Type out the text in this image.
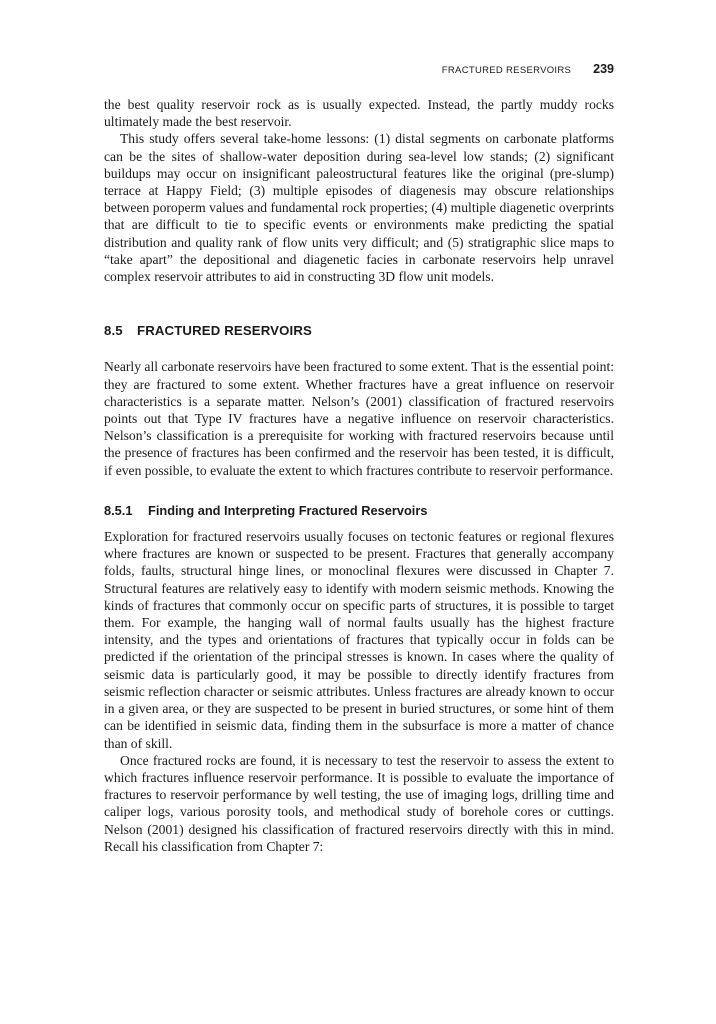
FRACTURED RESERVOIRS 239

the best quality reservoir rock as is usually expected. Instead, the partly muddy rocks ultimately made the best reservoir.

This study offers several take-home lessons: (1) distal segments on carbonate platforms can be the sites of shallow-water deposition during sea-level low stands; (2) significant buildups may occur on insignificant paleostructural features like the original (pre-slump) terrace at Happy Field; (3) multiple episodes of diagenesis may obscure relationships between poroperm values and fundamental rock properties; (4) multiple diagenetic overprints that are difficult to tie to specific events or environments make predicting the spatial distribution and quality rank of flow units very difficult; and (5) stratigraphic slice maps to “take apart” the depositional and diagenetic facies in carbonate reservoirs help unravel complex reservoir attributes to aid in constructing 3D flow unit models.

8.5 FRACTURED RESERVOIRS

Nearly all carbonate reservoirs have been fractured to some extent. That is the essential point: they are fractured to some extent. Whether fractures have a great influence on reservoir characteristics is a separate matter. Nelson’s (2001) classification of fractured reservoirs points out that Type IV fractures have a negative influence on reservoir characteristics. Nelson’s classification is a prerequisite for working with fractured reservoirs because until the presence of fractures has been confirmed and the reservoir has been tested, it is difficult, if even possible, to evaluate the extent to which fractures contribute to reservoir performance.

8.5.1 Finding and Interpreting Fractured Reservoirs

Exploration for fractured reservoirs usually focuses on tectonic features or regional flexures where fractures are known or suspected to be present. Fractures that generally accompany folds, faults, structural hinge lines, or monoclinal flexures were discussed in Chapter 7. Structural features are relatively easy to identify with modern seismic methods. Knowing the kinds of fractures that commonly occur on specific parts of structures, it is possible to target them. For example, the hanging wall of normal faults usually has the highest fracture intensity, and the types and orientations of fractures that typically occur in folds can be predicted if the orientation of the principal stresses is known. In cases where the quality of seismic data is particularly good, it may be possible to directly identify fractures from seismic reflection character or seismic attributes. Unless fractures are already known to occur in a given area, or they are suspected to be present in buried structures, or some hint of them can be identified in seismic data, finding them in the subsurface is more a matter of chance than of skill.

Once fractured rocks are found, it is necessary to test the reservoir to assess the extent to which fractures influence reservoir performance. It is possible to evaluate the importance of fractures to reservoir performance by well testing, the use of imaging logs, drilling time and caliper logs, various porosity tools, and methodical study of borehole cores or cuttings. Nelson (2001) designed his classification of fractured reservoirs directly with this in mind. Recall his classification from Chapter 7:
